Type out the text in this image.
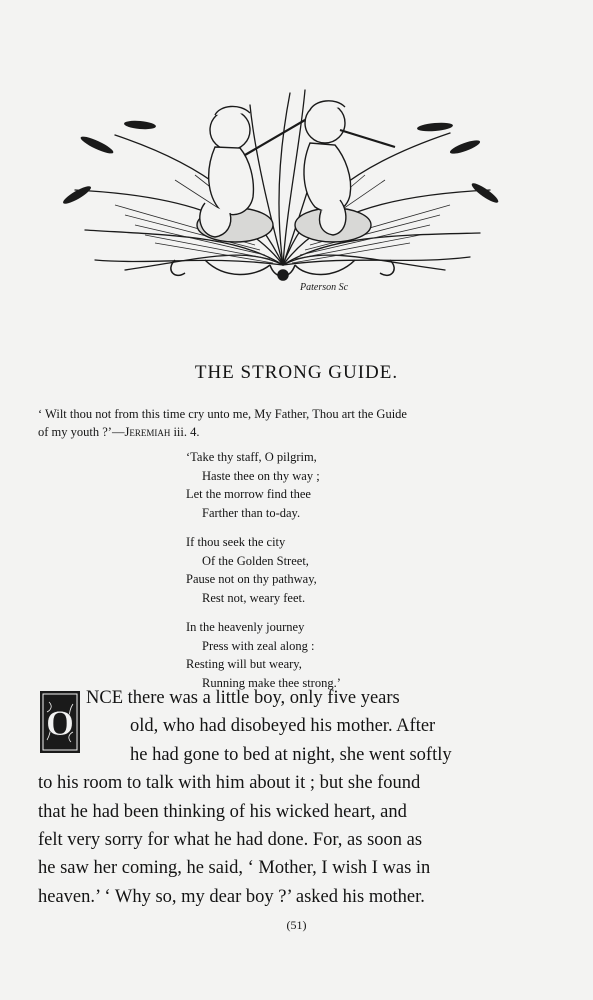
Paterson Sc
THE STRONG GUIDE.
‘ Wilt thou not from this time cry unto me, My Father, Thou art the Guide
of my youth ?’—Jeremiah iii. 4.
‘Take thy staff, O pilgrim,
Haste thee on thy way ;
Let the morrow find thee
Farther than to-day.
If thou seek the city
Of the Golden Street,
Pause not on thy pathway,
Rest not, weary feet.
In the heavenly journey
Press with zeal along :
Resting will but weary,
Running make thee strong.’
O
NCE there was a little boy, only five years
old, who had disobeyed his mother. After
he had gone to bed at night, she went softly
to his room to talk with him about it ; but she found
that he had been thinking of his wicked heart, and
felt very sorry for what he had done. For, as soon as
he saw her coming, he said, ‘ Mother, I wish I was in
heaven.’ ‘ Why so, my dear boy ?’ asked his mother.
(51)
